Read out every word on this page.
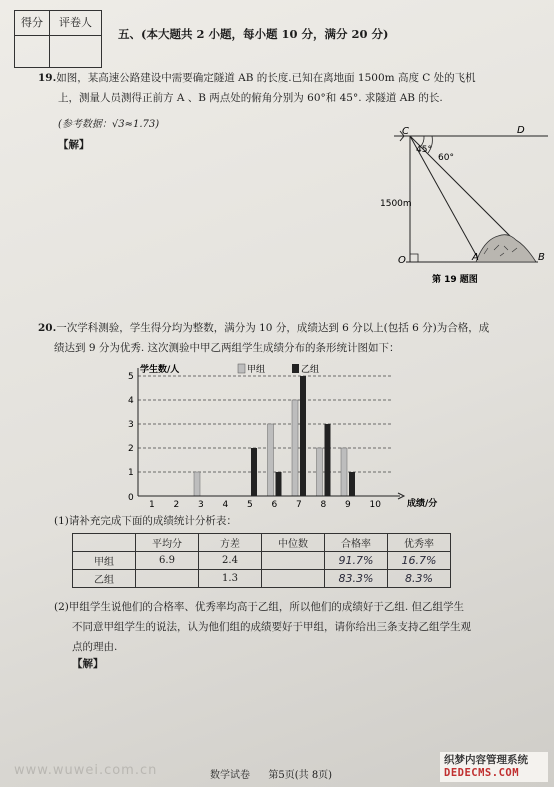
得分	评卷人
五、(本大题共 2 小题，每小题 10 分，满分 20 分)
19.如图，某高速公路建设中需要确定隧道 AB 的长度.已知在离地面 1500m 高度 C 处的飞机
上，测量人员测得正前方 A 、B 两点处的俯角分别为 60°和 45°. 求隧道 AB 的长.
(参考数据：√3≈1.73)
【解】
C	D
45°
60°
1500m
O	A	B
第 19 题图
20.一次学科测验，学生得分均为整数，满分为 10 分，成绩达到 6 分以上(包括 6 分)为合格，成
绩达到 9 分为优秀. 这次测验中甲乙两组学生成绩分布的条形统计图如下：
1
2
3
4
5
0
1 2 3 4 5 6 7 8 9 10
学生数/人
成绩/分
甲组	乙组
(1)请补充完成下面的成绩统计分析表：
	平均分	方差	中位数	合格率	优秀率
甲组	6.9	2.4		91.7%	16.7%
乙组		1.3		83.3%	8.3%
(2)甲组学生说他们的合格率、优秀率均高于乙组，所以他们的成绩好于乙组. 但乙组学生
不同意甲组学生的说法，认为他们组的成绩要好于甲组，请你给出三条支持乙组学生观
点的理由.
【解】
www.wuwei.com.cn	数学试卷 第5页(共 8页)
织梦内容管理系统
DEDECMS.COM
